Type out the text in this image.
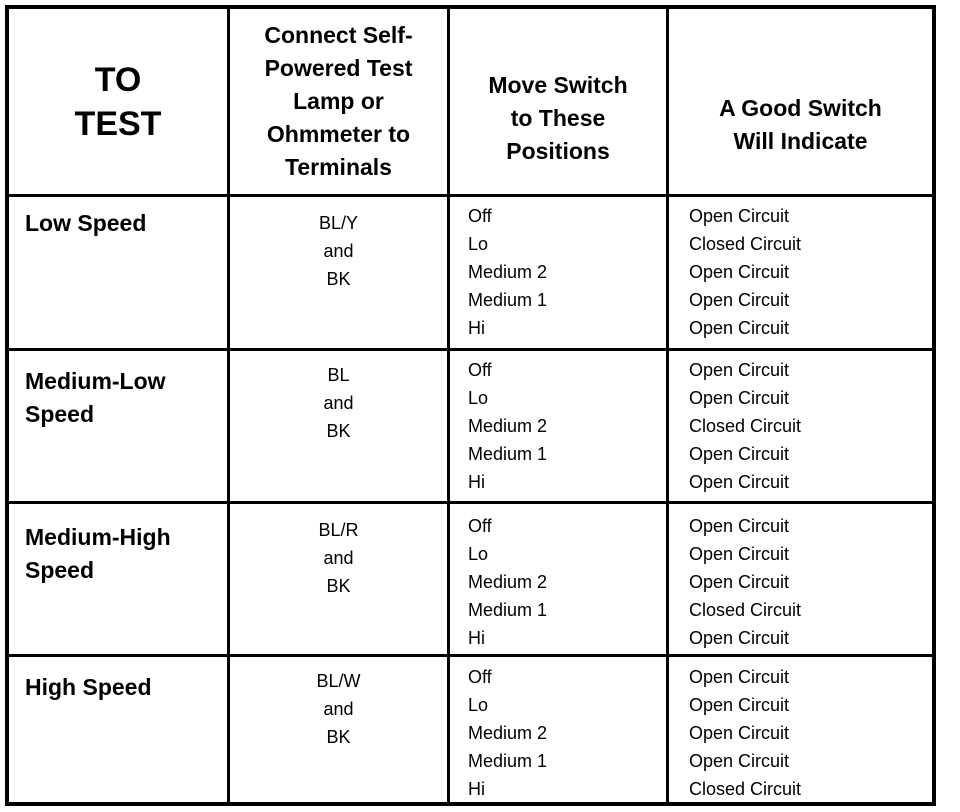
TO
TEST
Connect Self-
Powered Test
Lamp or
Ohmmeter to
Terminals
Move Switch
to These
Positions
A Good Switch
Will Indicate
Low Speed	BL/Y
and
BK
Off
Lo
Medium 2
Medium 1
Hi
Open Circuit
Closed Circuit
Open Circuit
Open Circuit
Open Circuit
Medium-Low
Speed
BL
and
BK
Off
Lo
Medium 2
Medium 1
Hi
Open Circuit
Open Circuit
Closed Circuit
Open Circuit
Open Circuit
Medium-High
Speed
BL/R
and
BK
Off
Lo
Medium 2
Medium 1
Hi
Open Circuit
Open Circuit
Open Circuit
Closed Circuit
Open Circuit
High Speed	BL/W
and
BK
Off
Lo
Medium 2
Medium 1
Hi
Open Circuit
Open Circuit
Open Circuit
Open Circuit
Closed Circuit
